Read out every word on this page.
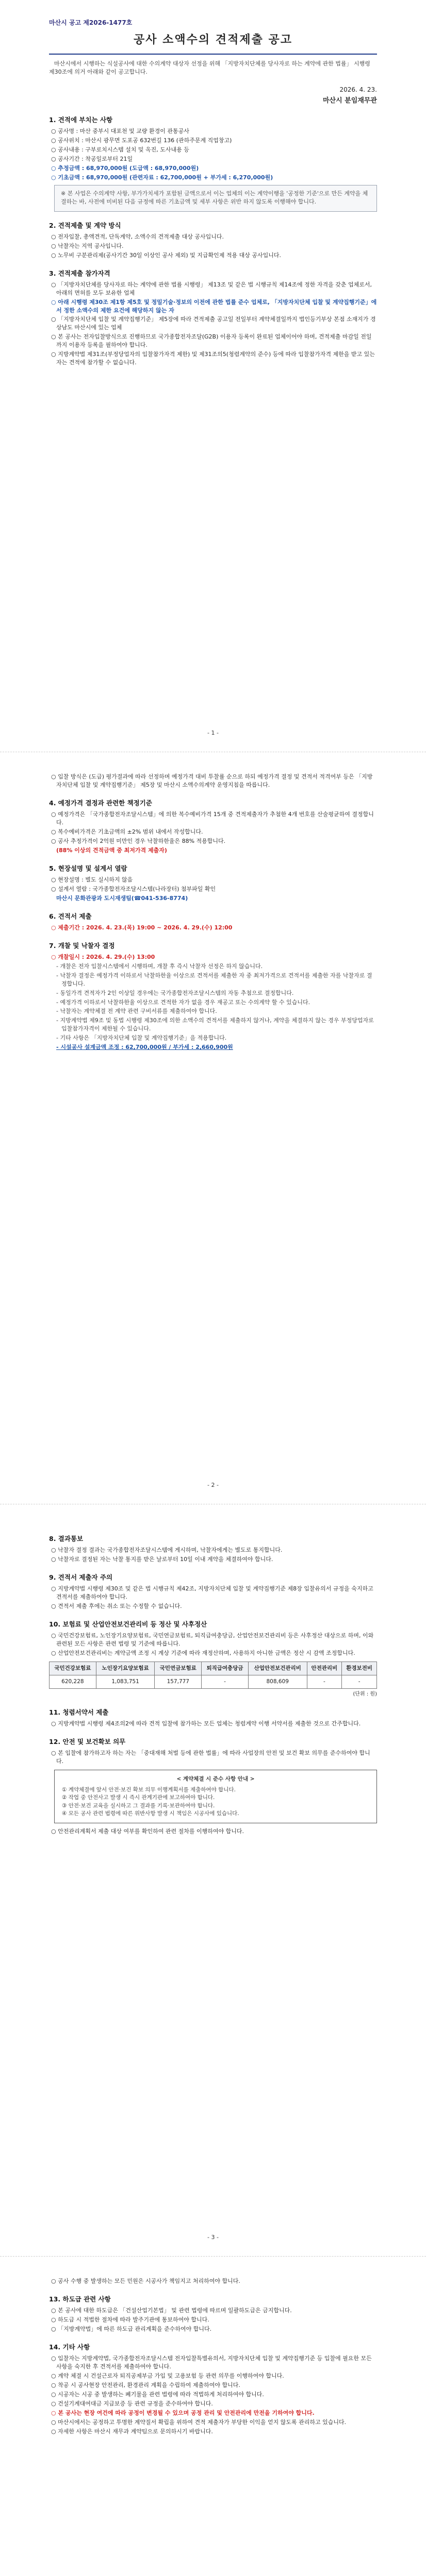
마산시 공고 제2026-1477호
공사 소액수의 견적제출 공고
마산시에서 시행하는 식설공사에 대한 수의계약 대상자 선정을 위해 「지방자치단체를 당사자로 하는 계약에 관한 법률」 시행령 제30조에 의거 아래와 같이 공고합니다.
2026. 4. 23.
마산시 분임재무관
1. 견적에 부치는 사항
○ 공사명 : 마산 중부시 대포천 및 교량 환경이 관통공사
○ 공사위치 : 마산시 광무면 도포공 632번길 136 (관하주문계 직업창고)
○ 공사내용 : 구부로치시스템 설치 및 옥진, 도사내용 등
○ 공사기간 : 착공일로부터 21일
○ 추정금액 : 68,970,000원 (도급액 : 68,970,000원)
○ 기초금액 : 68,970,000원 (관련자료 : 62,700,000원 + 부가세 : 6,270,000원)
※ 본 사업은 수의계약 사항, 부가가치세가 포함된 금액으로서 이는 업체의 이는 계약이행을 '공정한 기준'으로 만든 계약을 체결하는 바, 사전에 미비된 다음 규정에 따른 기초금액 및 세부 사항은 위반 하지 않도록 이행해야 합니다.
2. 견적제출 및 계약 방식
○ 전자입찰, 총액견적, 단독계약, 소액수의 견적제출 대상 공사입니다.
○ 낙찰자는 지역 공사입니다.
○ 노무비 구분관리제(공사기간 30일 이상인 공사 제외) 및 지급확인제 적용 대상 공사입니다.
3. 견적제출 참가자격
○ 「지방자치단체를 당사자로 하는 계약에 관한 법률 시행령」 제13조 및 같은 법 시행규칙 제14조에 정한 자격을 갖춘 업체로서, 아래의 면허를 모두 보유한 업체
○ 아래 시행령 제30조 제1항 제5호 및 정밀기술·정보의 이전에 관한 법률 준수 업체로, 「지방자치단체 입찰 및 계약집행기준」에서 정한 소액수의 제한 요건에 해당하지 않는 자
○ 「지방자치단체 입찰 및 계약집행기준」 제5장에 따라 견적제출 공고일 전일부터 계약체결일까지 법인등기부상 본점 소재지가 경상남도 마산시에 있는 업체
○ 본 공사는 전자입찰방식으로 진행하므로 국가종합전자조달(G2B) 이용자 등록이 완료된 업체이어야 하며, 견적제출 마감일 전일까지 이용자 등록을 필하여야 합니다.
○ 지방계약법 제31조(부정당업자의 입찰참가자격 제한) 및 제31조의5(청렴계약의 준수) 등에 따라 입찰참가자격 제한을 받고 있는 자는 견적에 참가할 수 없습니다.
- 1 -
○ 입찰 방식은 (도급) 평가결과에 따라 선정하며 예정가격 대비 투찰률 순으로 하되 예정가격 결정 및 견적서 적격여부 등은 「지방자치단체 입찰 및 계약집행기준」 제5장 및 마산시 소액수의계약 운영지침을 따릅니다.
4. 예정가격 결정과 관련한 책정기준
○ 예정가격은 「국가종합전자조달시스템」에 의한 복수예비가격 15개 중 견적제출자가 추첨한 4개 번호를 산술평균하여 결정합니다.
○ 복수예비가격은 기초금액의 ±2% 범위 내에서 작성합니다.
○ 공사 추정가격이 2억원 미만인 경우 낙찰하한율은 88% 적용합니다.
(88% 이상의 견적금액 중 최저가격 제출자)
5. 현장설명 및 설계서 열람
○ 현장설명 : 별도 실시하지 않음
○ 설계서 열람 : 국가종합전자조달시스템(나라장터) 첨부파일 확인
마산시 문화관광과 도시재생팀(☎041-536-8774)
6. 견적서 제출
○ 제출기간 : 2026. 4. 23.(목) 19:00 ~ 2026. 4. 29.(수) 12:00
7. 개찰 및 낙찰자 결정
○ 개찰일시 : 2026. 4. 29.(수) 13:00
- 개찰은 전자 입찰시스템에서 시행하며, 개찰 후 즉시 낙찰자 선정은 하지 않습니다.
- 낙찰자 결정은 예정가격 이하로서 낙찰하한율 이상으로 견적서를 제출한 자 중 최저가격으로 견적서를 제출한 자를 낙찰자로 결정합니다.
- 동일가격 견적자가 2인 이상일 경우에는 국가종합전자조달시스템의 자동 추첨으로 결정합니다.
- 예정가격 이하로서 낙찰하한율 이상으로 견적한 자가 없을 경우 재공고 또는 수의계약 할 수 있습니다.
- 낙찰자는 계약체결 전 계약 관련 구비서류를 제출하여야 합니다.
- 지방계약법 제9조 및 동법 시행령 제30조에 의한 소액수의 견적서를 제출하지 않거나, 계약을 체결하지 않는 경우 부정당업자로 입찰참가자격이 제한될 수 있습니다.
- 기타 사항은 「지방자치단체 입찰 및 계약집행기준」을 적용합니다.
- 시설공사 설계금액 조정 : 62,700,000원 / 부가세 : 2,660,900원
- 2 -
8. 결과통보
○ 낙찰자 결정 결과는 국가종합전자조달시스템에 게시하며, 낙찰자에게는 별도로 통지합니다.
○ 낙찰자로 결정된 자는 낙찰 통지를 받은 날로부터 10일 이내 계약을 체결하여야 합니다.
9. 견적서 제출자 주의
○ 지방계약법 시행령 제30조 및 같은 법 시행규칙 제42조, 지방자치단체 입찰 및 계약집행기준 제8장 입찰유의서 규정을 숙지하고 견적서를 제출하여야 합니다.
○ 견적서 제출 후에는 취소 또는 수정할 수 없습니다.
10. 보험료 및 산업안전보건관리비 등 정산 및 사후정산
○ 국민건강보험료, 노인장기요양보험료, 국민연금보험료, 퇴직급여충당금, 산업안전보건관리비 등은 사후정산 대상으로 하며, 이와 관련된 모든 사항은 관련 법령 및 기준에 따릅니다.
○ 산업안전보건관리비는 계약금액 조정 시 계상 기준에 따라 재정산하며, 사용하지 아니한 금액은 정산 시 감액 조정합니다.
국민건강보험료	노인장기요양보험료	국민연금보험료	퇴직급여충당금	산업안전보건관리비	안전관리비	환경보전비
620,228	1,083,751	157,777	-	808,609	-	-
(단위 : 원)
11. 청렴서약서 제출
○ 지방계약법 시행령 제4조의2에 따라 견적 입찰에 참가하는 모든 업체는 청렴계약 이행 서약서를 제출한 것으로 간주합니다.
12. 안전 및 보건확보 의무
○ 본 입찰에 참가하고자 하는 자는 「중대재해 처벌 등에 관한 법률」에 따라 사업장의 안전 및 보건 확보 의무를 준수하여야 합니다.
< 계약체결 시 준수 사항 안내 >
① 계약체결에 앞서 안전·보건 확보 의무 이행계획서를 제출하여야 합니다.
② 작업 중 안전사고 발생 시 즉시 관계기관에 보고하여야 합니다.
③ 안전·보건 교육을 실시하고 그 결과를 기록·보관하여야 합니다.
④ 모든 공사 관련 법령에 따른 위반사항 발생 시 책임은 시공사에 있습니다.
○ 안전관리계획서 제출 대상 여부를 확인하여 관련 절차를 이행하여야 합니다.
- 3 -
○ 공사 수행 중 발생하는 모든 민원은 시공사가 책임지고 처리하여야 합니다.
13. 하도급 관련 사항
○ 본 공사에 대한 하도급은 「건설산업기본법」 및 관련 법령에 따르며 일괄하도급은 금지합니다.
○ 하도급 시 적법한 절차에 따라 발주기관에 통보하여야 합니다.
○ 「지방계약법」에 따른 하도급 관리계획을 준수하여야 합니다.
14. 기타 사항
○ 입찰자는 지방계약법, 국가종합전자조달시스템 전자입찰특별유의서, 지방자치단체 입찰 및 계약집행기준 등 입찰에 필요한 모든 사항을 숙지한 후 견적서를 제출하여야 합니다.
○ 계약 체결 시 건설근로자 퇴직공제부금 가입 및 고용보험 등 관련 의무를 이행하여야 합니다.
○ 착공 시 공사현장 안전관리, 환경관리 계획을 수립하여 제출하여야 합니다.
○ 시공자는 시공 중 발생하는 폐기물을 관련 법령에 따라 적법하게 처리하여야 합니다.
○ 건설기계대여대금 지급보증 등 관련 규정을 준수하여야 합니다.
○ 본 공사는 현장 여건에 따라 공정이 변경될 수 있으며 공정 관리 및 안전관리에 만전을 기하여야 합니다.
○ 마산시에서는 공정하고 투명한 계약질서 확립을 위하여 견적 제출자가 부당한 이익을 얻지 않도록 관리하고 있습니다.
○ 자세한 사항은 마산시 재무과 계약팀으로 문의하시기 바랍니다.
